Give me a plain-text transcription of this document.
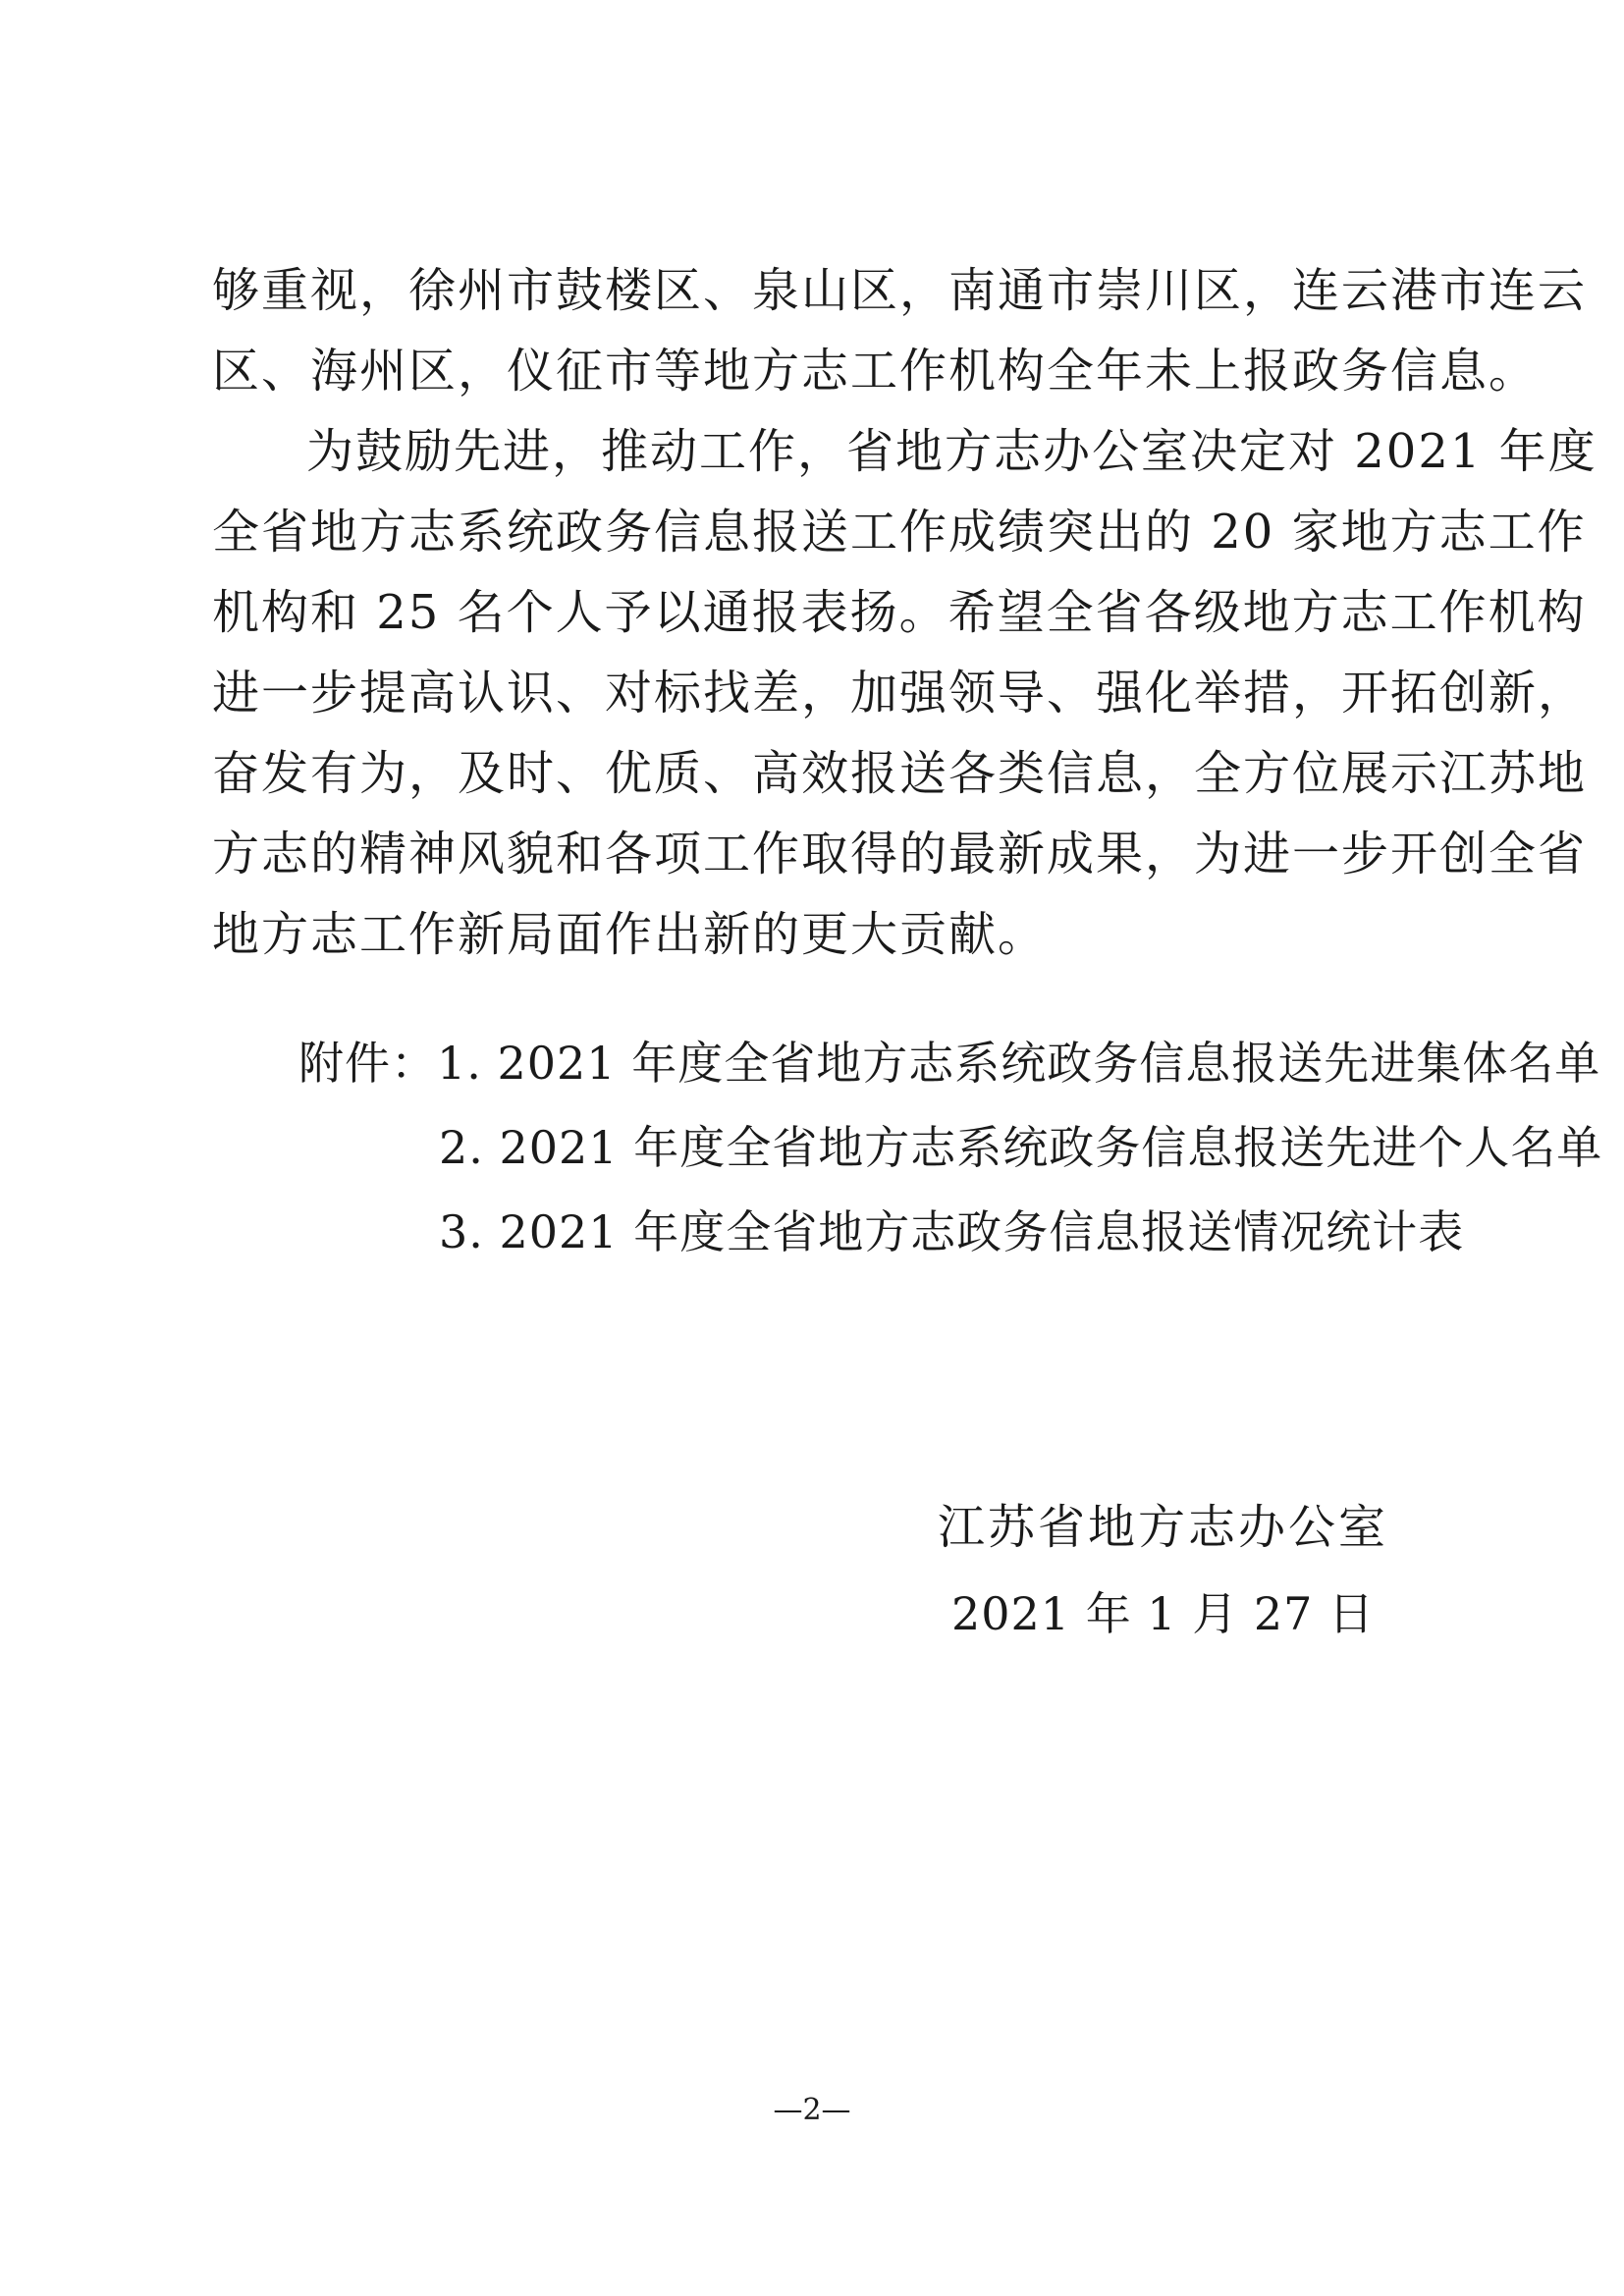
够重视，徐州市鼓楼区、泉山区，南通市崇川区，连云港市连云
区、海州区，仪征市等地方志工作机构全年未上报政务信息。
为鼓励先进，推动工作，省地方志办公室决定对 2021 年度
全省地方志系统政务信息报送工作成绩突出的 20 家地方志工作
机构和 25 名个人予以通报表扬。希望全省各级地方志工作机构
进一步提高认识、对标找差，加强领导、强化举措，开拓创新，
奋发有为，及时、优质、高效报送各类信息，全方位展示江苏地
方志的精神风貌和各项工作取得的最新成果，为进一步开创全省
地方志工作新局面作出新的更大贡献。
附件：1. 2021 年度全省地方志系统政务信息报送先进集体名单
2. 2021 年度全省地方志系统政务信息报送先进个人名单
3. 2021 年度全省地方志政务信息报送情况统计表
江苏省地方志办公室
2021 年 1 月 27 日
—2—
